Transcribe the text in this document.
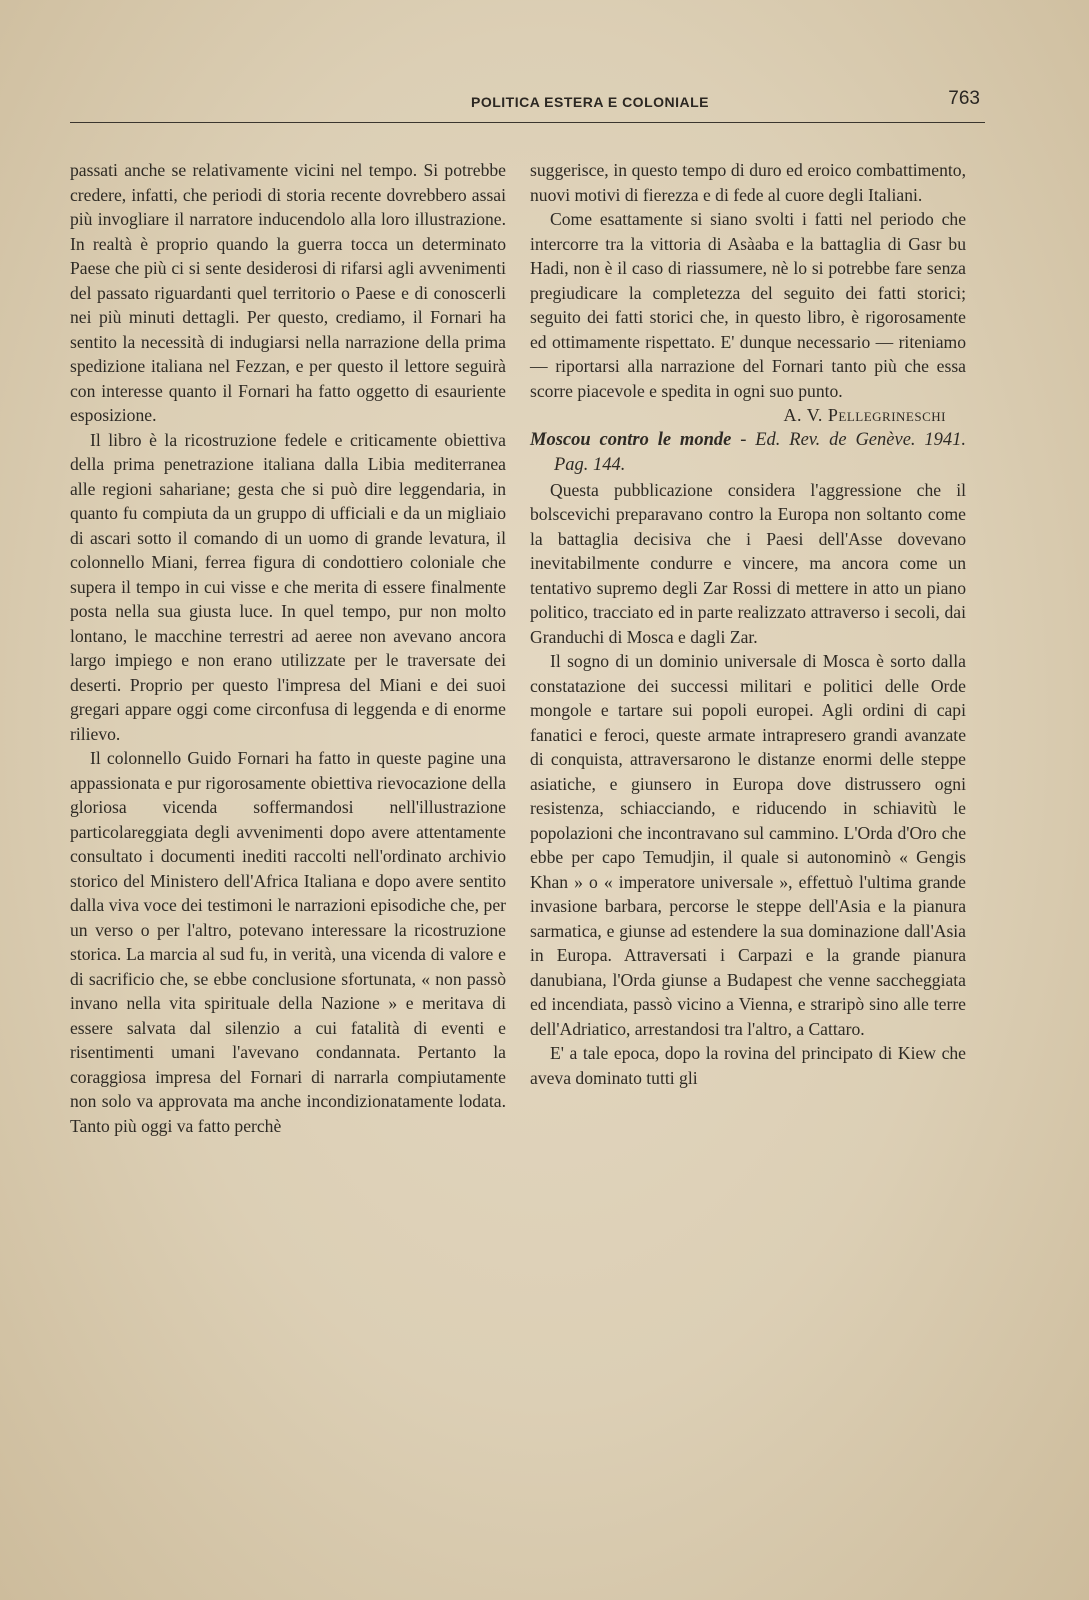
POLITICA ESTERA E COLONIALE	763

passati anche se relativamente vicini nel tempo. Si potrebbe credere, infatti, che periodi di storia recente dovrebbero assai più invogliare il narratore inducendolo alla loro illustrazione. In realtà è proprio quando la guerra tocca un determinato Paese che più ci si sente desiderosi di rifarsi agli avvenimenti del passato riguardanti quel territorio o Paese e di conoscerli nei più minuti dettagli. Per questo, crediamo, il Fornari ha sentito la necessità di indugiarsi nella narrazione della prima spedizione italiana nel Fezzan, e per questo il lettore seguirà con interesse quanto il Fornari ha fatto oggetto di esauriente esposizione.

Il libro è la ricostruzione fedele e criticamente obiettiva della prima penetrazione italiana dalla Libia mediterranea alle regioni sahariane; gesta che si può dire leggendaria, in quanto fu compiuta da un gruppo di ufficiali e da un migliaio di ascari sotto il comando di un uomo di grande levatura, il colonnello Miani, ferrea figura di condottiero coloniale che supera il tempo in cui visse e che merita di essere finalmente posta nella sua giusta luce. In quel tempo, pur non molto lontano, le macchine terrestri ad aeree non avevano ancora largo impiego e non erano utilizzate per le traversate dei deserti. Proprio per questo l'impresa del Miani e dei suoi gregari appare oggi come circonfusa di leggenda e di enorme rilievo.

Il colonnello Guido Fornari ha fatto in queste pagine una appassionata e pur rigorosamente obiettiva rievocazione della gloriosa vicenda soffermandosi nell'illustrazione particolareggiata degli avvenimenti dopo avere attentamente consultato i documenti inediti raccolti nell'ordinato archivio storico del Ministero dell'Africa Italiana e dopo avere sentito dalla viva voce dei testimoni le narrazioni episodiche che, per un verso o per l'altro, potevano interessare la ricostruzione storica. La marcia al sud fu, in verità, una vicenda di valore e di sacrificio che, se ebbe conclusione sfortunata, « non passò invano nella vita spirituale della Nazione » e meritava di essere salvata dal silenzio a cui fatalità di eventi e risentimenti umani l'avevano condannata. Pertanto la coraggiosa impresa del Fornari di narrarla compiutamente non solo va approvata ma anche incondizionatamente lodata. Tanto più oggi va fatto perchè

suggerisce, in questo tempo di duro ed eroico combattimento, nuovi motivi di fierezza e di fede al cuore degli Italiani.

Come esattamente si siano svolti i fatti nel periodo che intercorre tra la vittoria di Asàaba e la battaglia di Gasr bu Hadi, non è il caso di riassumere, nè lo si potrebbe fare senza pregiudicare la completezza del seguito dei fatti storici; seguito dei fatti storici che, in questo libro, è rigorosamente ed ottimamente rispettato. E' dunque necessario — riteniamo — riportarsi alla narrazione del Fornari tanto più che essa scorre piacevole e spedita in ogni suo punto.

A. V. Pellegrineschi

Moscou contro le monde - Ed. Rev. de Genève. 1941. Pag. 144.

Questa pubblicazione considera l'aggressione che il bolscevichi preparavano contro la Europa non soltanto come la battaglia decisiva che i Paesi dell'Asse dovevano inevitabilmente condurre e vincere, ma ancora come un tentativo supremo degli Zar Rossi di mettere in atto un piano politico, tracciato ed in parte realizzato attraverso i secoli, dai Granduchi di Mosca e dagli Zar.

Il sogno di un dominio universale di Mosca è sorto dalla constatazione dei successi militari e politici delle Orde mongole e tartare sui popoli europei. Agli ordini di capi fanatici e feroci, queste armate intrapresero grandi avanzate di conquista, attraversarono le distanze enormi delle steppe asiatiche, e giunsero in Europa dove distrussero ogni resistenza, schiacciando, e riducendo in schiavitù le popolazioni che incontravano sul cammino. L'Orda d'Oro che ebbe per capo Temudjin, il quale si autonominò « Gengis Khan » o « imperatore universale », effettuò l'ultima grande invasione barbara, percorse le steppe dell'Asia e la pianura sarmatica, e giunse ad estendere la sua dominazione dall'Asia in Europa. Attraversati i Carpazi e la grande pianura danubiana, l'Orda giunse a Budapest che venne saccheggiata ed incendiata, passò vicino a Vienna, e straripò sino alle terre dell'Adriatico, arrestandosi tra l'altro, a Cattaro.

E' a tale epoca, dopo la rovina del principato di Kiew che aveva dominato tutti gli
